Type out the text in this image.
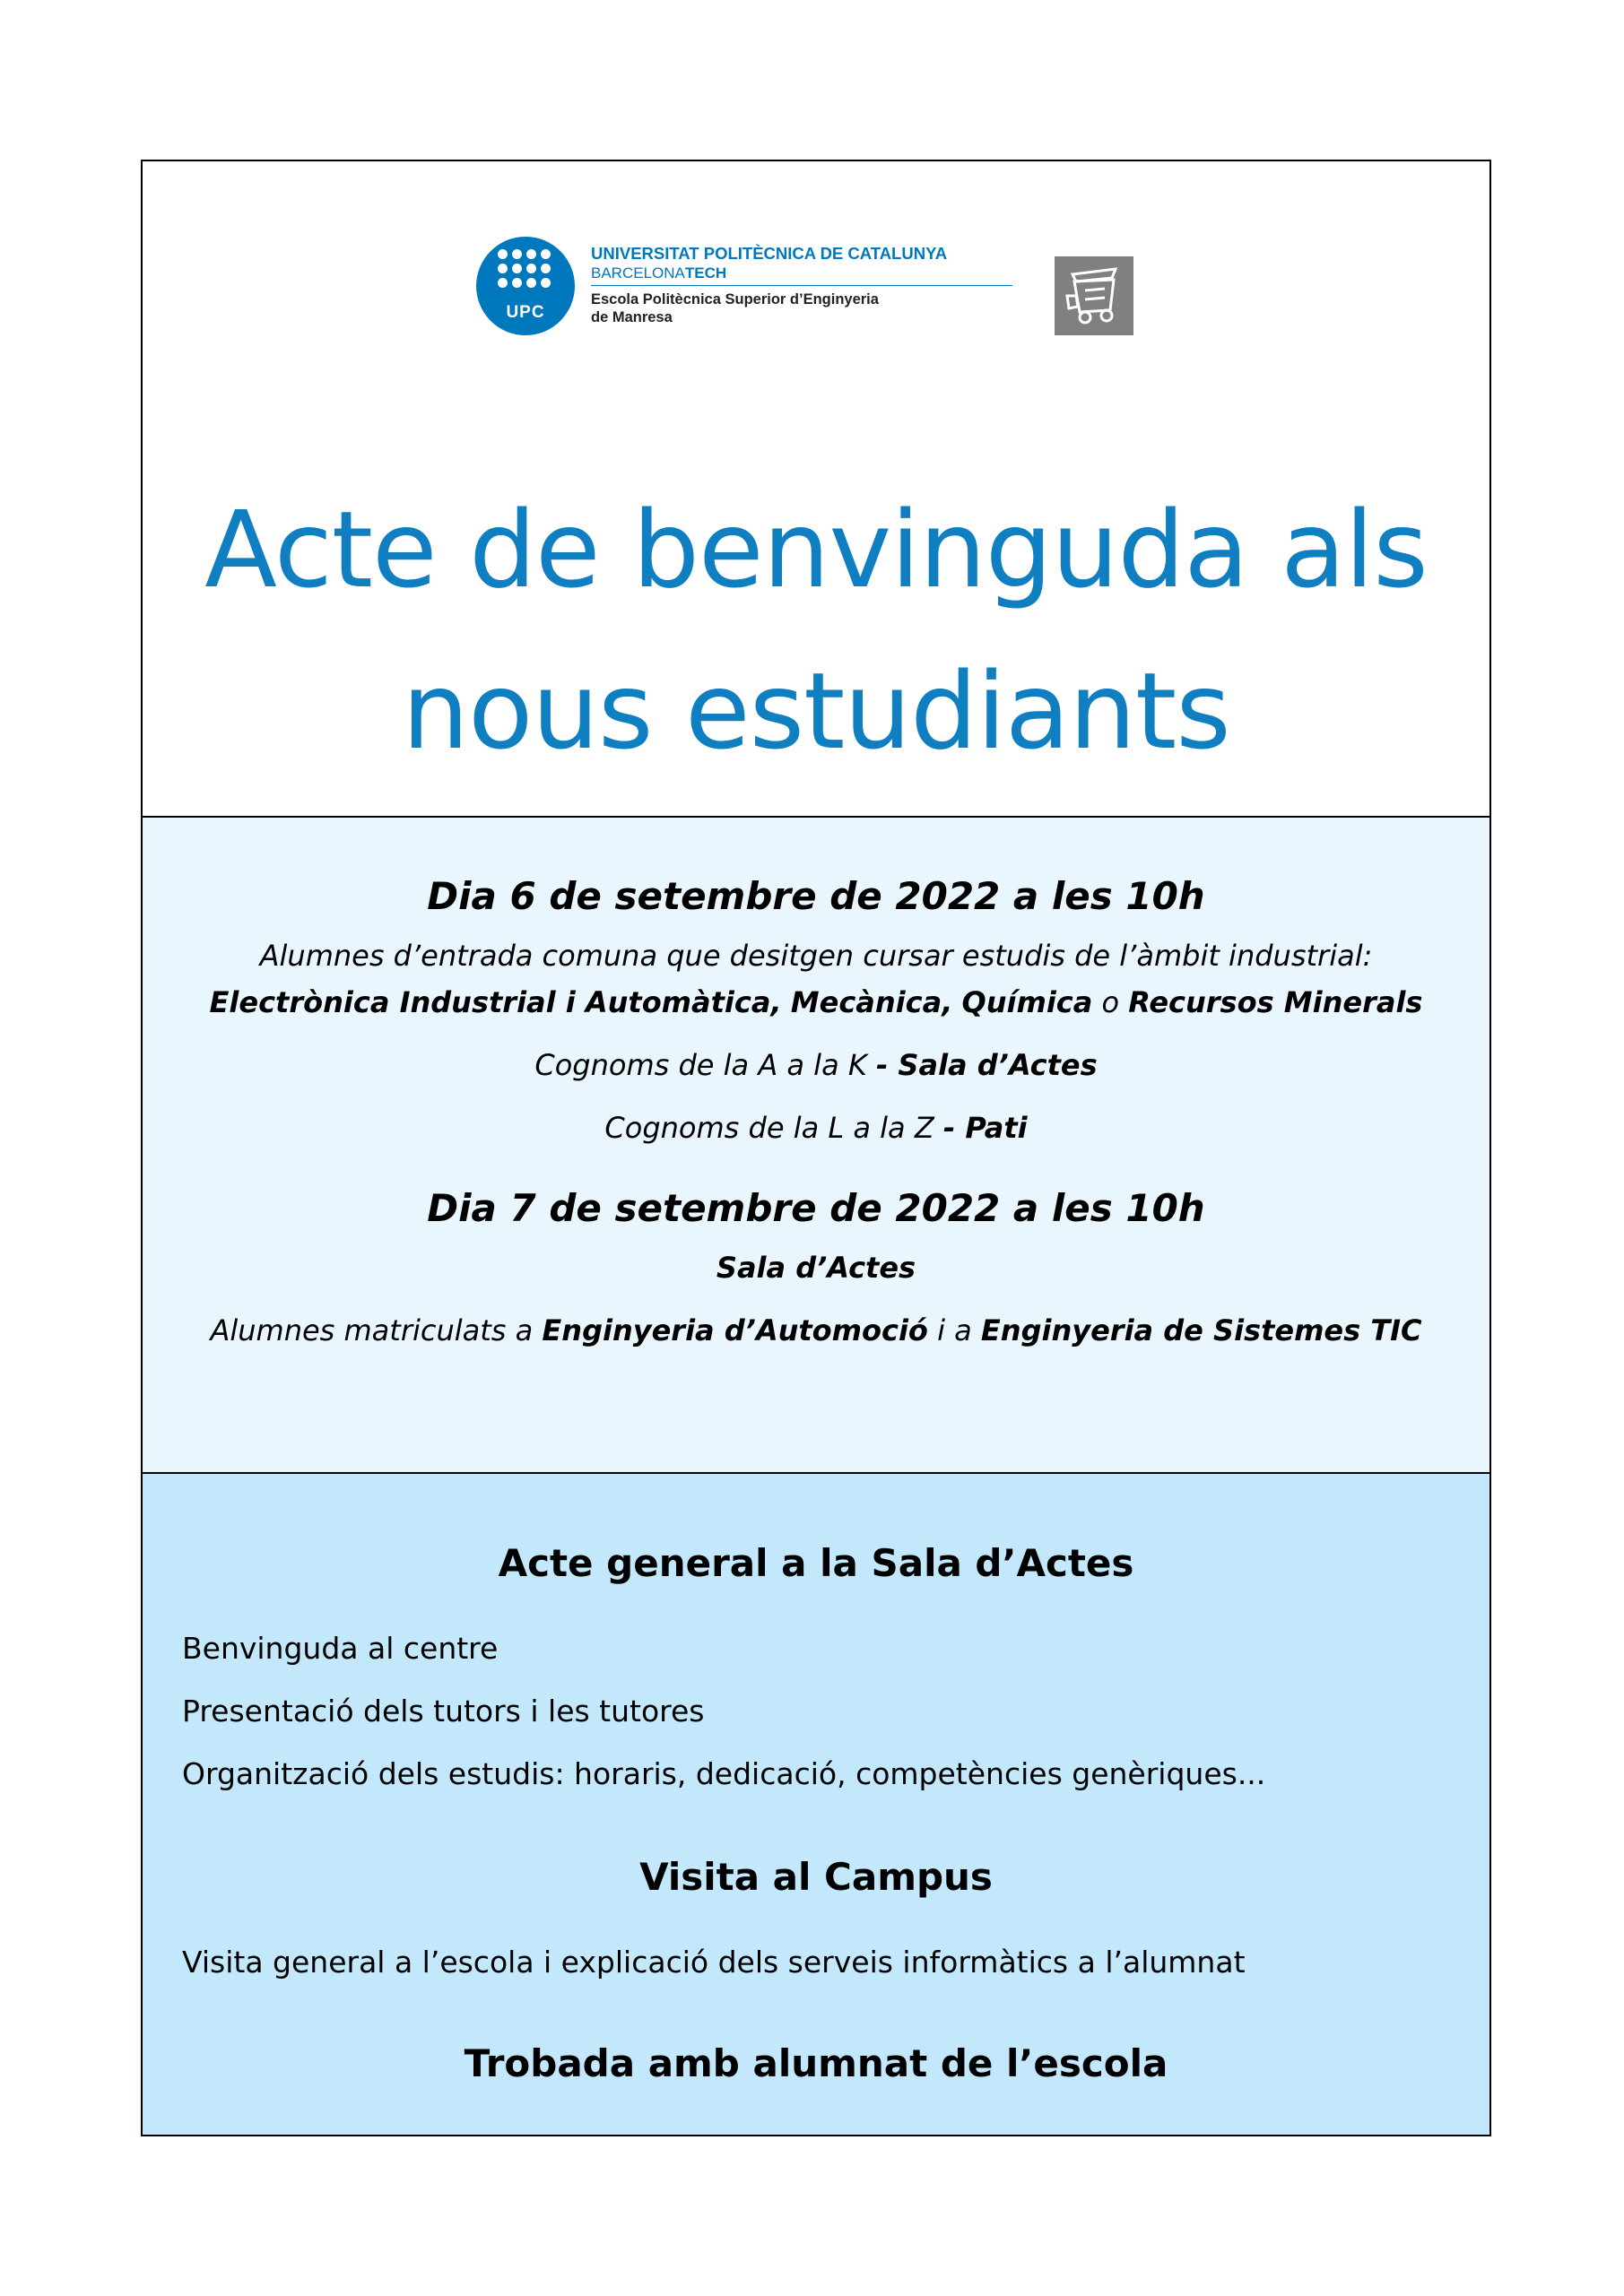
UPC
UNIVERSITAT POLITÈCNICA DE CATALUNYA
BARCELONATECH
Escola Politècnica Superior d’Enginyeria
de Manresa
Acte de benvinguda als
nous estudiants
Dia 6 de setembre de 2022 a les 10h
Alumnes d’entrada comuna que desitgen cursar estudis de l’àmbit industrial:
Electrònica Industrial i Automàtica, Mecànica, Química o Recursos Minerals
Cognoms de la A a la K - Sala d’Actes
Cognoms de la L a la Z - Pati
Dia 7 de setembre de 2022 a les 10h
Sala d’Actes
Alumnes matriculats a Enginyeria d’Automoció i a Enginyeria de Sistemes TIC
Acte general a la Sala d’Actes
Benvinguda al centre
Presentació dels tutors i les tutores
Organització dels estudis: horaris, dedicació, competències genèriques...
Visita al Campus
Visita general a l’escola i explicació dels serveis informàtics a l’alumnat
Trobada amb alumnat de l’escola
